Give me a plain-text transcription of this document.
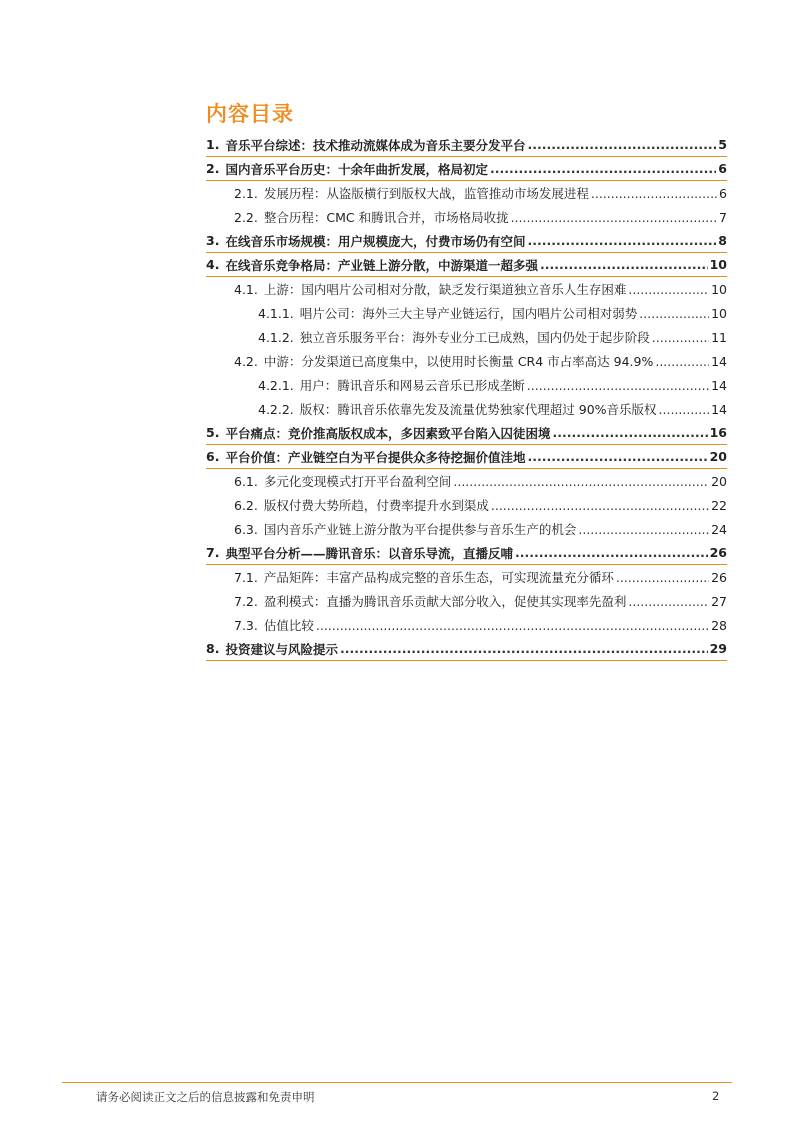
内容目录
1. 音乐平台综述：技术推动流媒体成为音乐主要分发平台 .....	5
2. 国内音乐平台历史：十余年曲折发展，格局初定 .....	6
2.1. 发展历程：从盗版横行到版权大战，监管推动市场发展进程 .....	6
2.2. 整合历程：CMC 和腾讯合并，市场格局收拢 .....	7
3. 在线音乐市场规模：用户规模庞大，付费市场仍有空间 .....	8
4. 在线音乐竞争格局：产业链上游分散，中游渠道一超多强 .....	10
4.1. 上游：国内唱片公司相对分散，缺乏发行渠道独立音乐人生存困难 .....	10
4.1.1. 唱片公司：海外三大主导产业链运行，国内唱片公司相对弱势 .....	10
4.1.2. 独立音乐服务平台：海外专业分工已成熟，国内仍处于起步阶段 .....	11
4.2. 中游：分发渠道已高度集中，以使用时长衡量 CR4 市占率高达 94.9% .....	14
4.2.1. 用户：腾讯音乐和网易云音乐已形成垄断 .....	14
4.2.2. 版权：腾讯音乐依靠先发及流量优势独家代理超过 90%音乐版权 .....	14
5. 平台痛点：竞价推高版权成本，多因素致平台陷入囚徒困境 .....	16
6. 平台价值：产业链空白为平台提供众多待挖掘价值洼地 .....	20
6.1. 多元化变现模式打开平台盈利空间 .....	20
6.2. 版权付费大势所趋，付费率提升水到渠成 .....	22
6.3. 国内音乐产业链上游分散为平台提供参与音乐生产的机会 .....	24
7. 典型平台分析——腾讯音乐：以音乐导流，直播反哺 .....	26
7.1. 产品矩阵：丰富产品构成完整的音乐生态，可实现流量充分循环 .....	26
7.2. 盈利模式：直播为腾讯音乐贡献大部分收入，促使其实现率先盈利 .....	27
7.3. 估值比较 .....	28
8. 投资建议与风险提示 .....	29
请务必阅读正文之后的信息披露和免责申明	2
